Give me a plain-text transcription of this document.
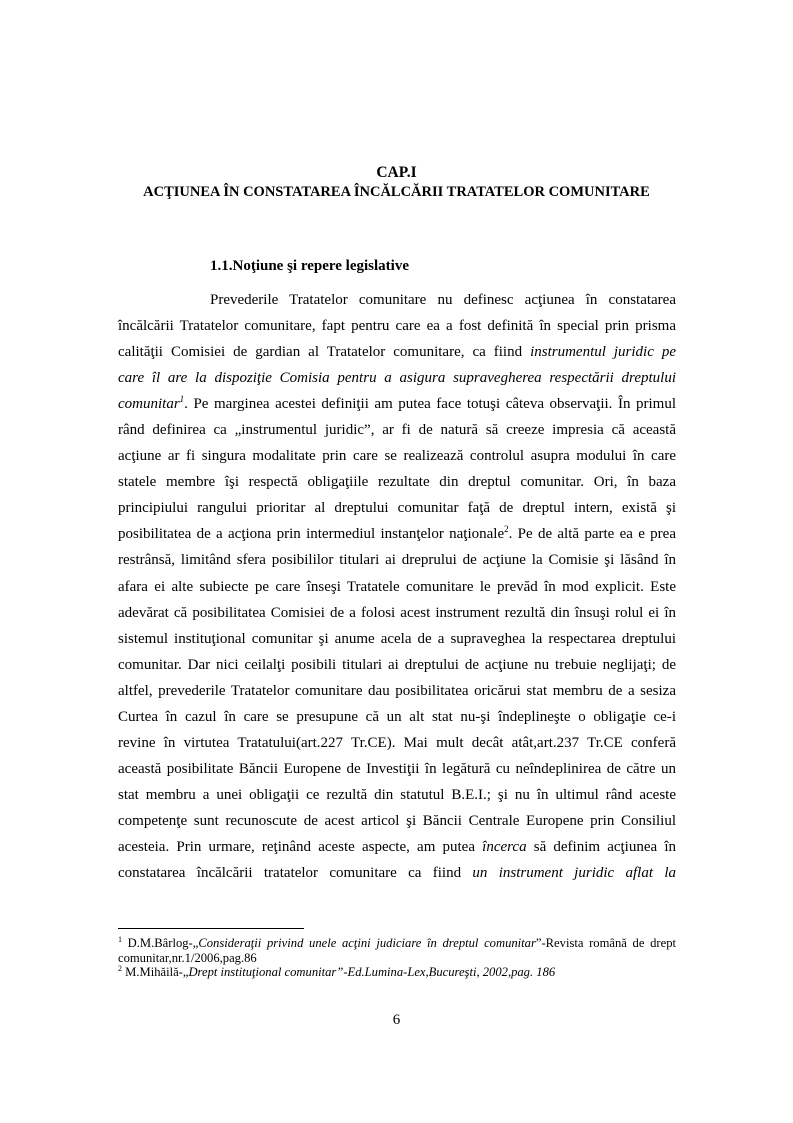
CAP.I
ACŢIUNEA ÎN CONSTATAREA ÎNCĂLCĂRII TRATATELOR COMUNITARE
1.1.Noţiune şi repere legislative
Prevederile Tratatelor comunitare nu definesc acţiunea în constatarea
încălcării Tratatelor comunitare, fapt pentru care ea a fost definită în special prin prisma
calităţii Comisiei de gardian al Tratatelor comunitare, ca fiind instrumentul juridic pe
care îl are la dispoziţie Comisia pentru a asigura supravegherea respectării dreptului
comunitar$^1$. Pe marginea acestei definiţii am putea face totuşi câteva observaţii. În primul
rând definirea ca „instrumentul juridic”, ar fi de natură să creeze impresia că această
acţiune ar fi singura modalitate prin care se realizează controlul asupra modului în care
statele membre îşi respectă obligaţiile rezultate din dreptul comunitar. Ori, în baza
principiului rangului prioritar al dreptului comunitar faţă de dreptul intern, există şi
posibilitatea de a acţiona prin intermediul instanţelor naţionale$^2$. Pe de altă parte ea e prea
restrânsă, limitând sfera posibililor titulari ai dreprului de acţiune la Comisie şi lăsând în
afara ei alte subiecte pe care înseşi Tratatele comunitare le prevăd în mod explicit. Este
adevărat că posibilitatea Comisiei de a folosi acest instrument rezultă din însuşi rolul ei în
sistemul instituţional comunitar şi anume acela de a supraveghea la respectarea dreptului
comunitar. Dar nici ceilalţi posibili titulari ai dreptului de acţiune nu trebuie neglijaţi; de
altfel, prevederile Tratatelor comunitare dau posibilitatea oricărui stat membru de a sesiza
Curtea în cazul în care se presupune că un alt stat nu-şi îndeplineşte o obligaţie ce-i
revine în virtutea Tratatului(art.227 Tr.CE). Mai mult decât atât,art.237 Tr.CE conferă
această posibilitate Băncii Europene de Investiţii în legătură cu neîndeplinirea de către un
stat membru a unei obligaţii ce rezultă din statutul B.E.I.; şi nu în ultimul rând aceste
competenţe sunt recunoscute de acest articol şi Băncii Centrale Europene prin Consiliul
acesteia. Prin urmare, reţinând aceste aspecte, am putea încerca să definim acţiunea în
constatarea încălcării tratatelor comunitare ca fiind un instrument juridic aflat la
$^1$ D.M.Bârlog-„Consideraţii privind unele acţini judiciare în dreptul comunitar”-Revista română de drept comunitar,nr.1/2006,pag.86
$^2$ M.Mihăilă-„Drept instituţional comunitar”-Ed.Lumina-Lex,Bucureşti, 2002,pag. 186
6
